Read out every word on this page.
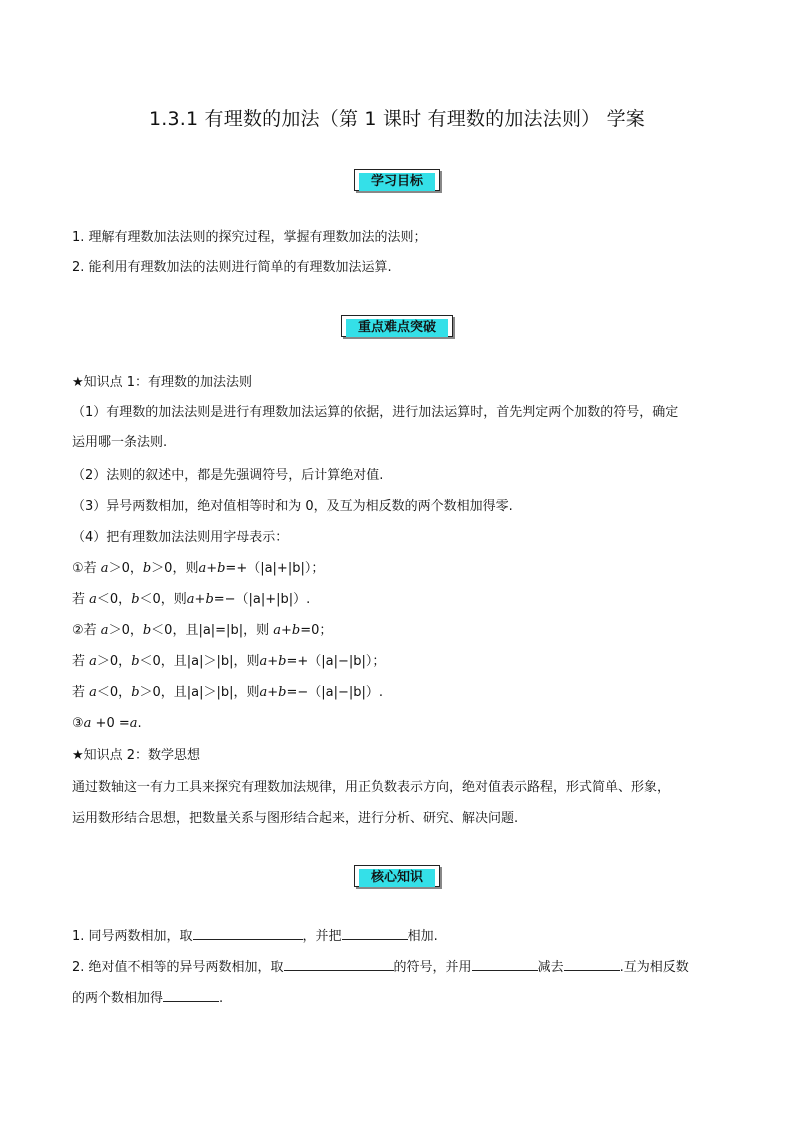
1.3.1 有理数的加法（第 1 课时 有理数的加法法则） 学案
学习目标
1. 理解有理数加法法则的探究过程，掌握有理数加法的法则；
2. 能利用有理数加法的法则进行简单的有理数加法运算.
重点难点突破
★知识点 1：有理数的加法法则
（1）有理数的加法法则是进行有理数加法运算的依据，进行加法运算时，首先判定两个加数的符号，确定
运用哪一条法则.
（2）法则的叙述中，都是先强调符号，后计算绝对值.
（3）异号两数相加，绝对值相等时和为 0，及互为相反数的两个数相加得零.
（4）把有理数加法法则用字母表示：
①若 a＞0，b＞0，则a+b=+（|a|+|b|）；
若 a＜0，b＜0，则a+b=−（|a|+|b|）.
②若 a＞0，b＜0，且|a|=|b|，则 a+b=0；
若 a＞0，b＜0，且|a|＞|b|，则a+b=+（|a|−|b|）；
若 a＜0，b＞0，且|a|＞|b|，则a+b=−（|a|−|b|）.
③a +0 =a.
★知识点 2：数学思想
通过数轴这一有力工具来探究有理数加法规律，用正负数表示方向，绝对值表示路程，形式简单、形象，
运用数形结合思想，把数量关系与图形结合起来，进行分析、研究、解决问题.
核心知识
1. 同号两数相加，取	，并把	相加.
2. 绝对值不相等的异号两数相加，取	的符号，并用	减去	.互为相反数
的两个数相加得	.
